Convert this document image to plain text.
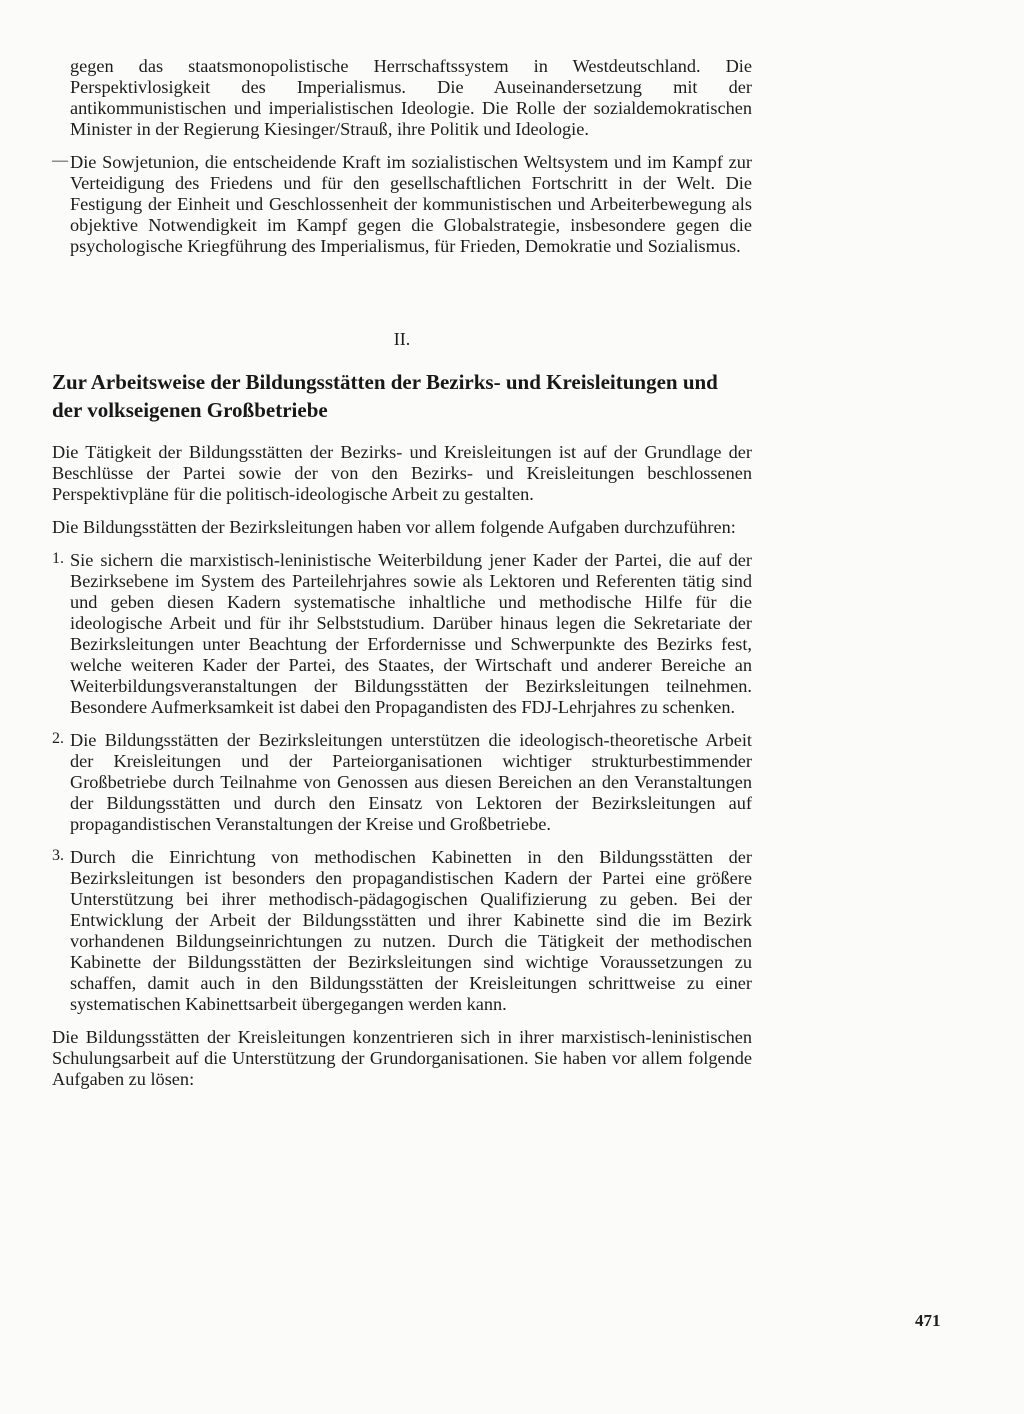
gegen das staatsmonopolistische Herrschaftssystem in Westdeutschland. Die Perspektivlosigkeit des Imperialismus. Die Auseinandersetzung mit der antikommunistischen und imperialistischen Ideologie. Die Rolle der sozialdemokratischen Minister in der Regierung Kiesinger/Strauß, ihre Politik und Ideologie.

— Die Sowjetunion, die entscheidende Kraft im sozialistischen Weltsystem und im Kampf zur Verteidigung des Friedens und für den gesellschaftlichen Fortschritt in der Welt. Die Festigung der Einheit und Geschlossenheit der kommunistischen und Arbeiterbewegung als objektive Notwendigkeit im Kampf gegen die Globalstrategie, insbesondere gegen die psychologische Kriegführung des Imperialismus, für Frieden, Demokratie und Sozialismus.

II.

Zur Arbeitsweise der Bildungsstätten der Bezirks- und Kreisleitungen und der volkseigenen Großbetriebe

Die Tätigkeit der Bildungsstätten der Bezirks- und Kreisleitungen ist auf der Grundlage der Beschlüsse der Partei sowie der von den Bezirks- und Kreisleitungen beschlossenen Perspektivpläne für die politisch-ideologische Arbeit zu gestalten.

Die Bildungsstätten der Bezirksleitungen haben vor allem folgende Aufgaben durchzuführen:

1. Sie sichern die marxistisch-leninistische Weiterbildung jener Kader der Partei, die auf der Bezirksebene im System des Parteilehrjahres sowie als Lektoren und Referenten tätig sind und geben diesen Kadern systematische inhaltliche und methodische Hilfe für die ideologische Arbeit und für ihr Selbststudium. Darüber hinaus legen die Sekretariate der Bezirksleitungen unter Beachtung der Erfordernisse und Schwerpunkte des Bezirks fest, welche weiteren Kader der Partei, des Staates, der Wirtschaft und anderer Bereiche an Weiterbildungsveranstaltungen der Bildungsstätten der Bezirksleitungen teilnehmen. Besondere Aufmerksamkeit ist dabei den Propagandisten des FDJ-Lehrjahres zu schenken.

2. Die Bildungsstätten der Bezirksleitungen unterstützen die ideologisch-theoretische Arbeit der Kreisleitungen und der Parteiorganisationen wichtiger strukturbestimmender Großbetriebe durch Teilnahme von Genossen aus diesen Bereichen an den Veranstaltungen der Bildungsstätten und durch den Einsatz von Lektoren der Bezirksleitungen auf propagandistischen Veranstaltungen der Kreise und Großbetriebe.

3. Durch die Einrichtung von methodischen Kabinetten in den Bildungsstätten der Bezirksleitungen ist besonders den propagandistischen Kadern der Partei eine größere Unterstützung bei ihrer methodisch-pädagogischen Qualifizierung zu geben. Bei der Entwicklung der Arbeit der Bildungsstätten und ihrer Kabinette sind die im Bezirk vorhandenen Bildungseinrichtungen zu nutzen. Durch die Tätigkeit der methodischen Kabinette der Bildungsstätten der Bezirksleitungen sind wichtige Voraussetzungen zu schaffen, damit auch in den Bildungsstätten der Kreisleitungen schrittweise zu einer systematischen Kabinettsarbeit übergegangen werden kann.

Die Bildungsstätten der Kreisleitungen konzentrieren sich in ihrer marxistisch-leninistischen Schulungsarbeit auf die Unterstützung der Grundorganisationen. Sie haben vor allem folgende Aufgaben zu lösen:

471
